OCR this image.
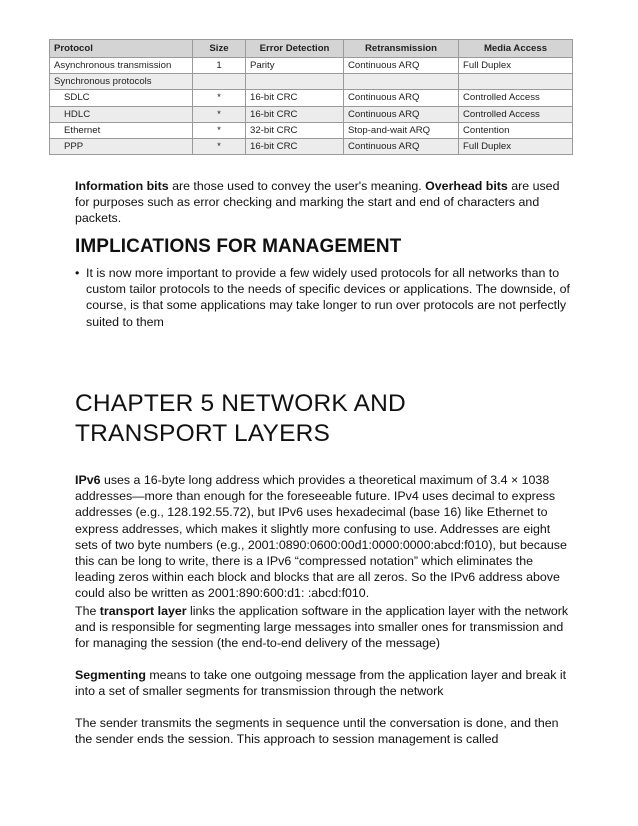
Protocol	Size	Error Detection	Retransmission	Media Access
Asynchronous transmission	1	Parity	Continuous ARQ	Full Duplex
Synchronous protocols				
SDLC	*	16-bit CRC	Continuous ARQ	Controlled Access
HDLC	*	16-bit CRC	Continuous ARQ	Controlled Access
Ethernet	*	32-bit CRC	Stop-and-wait ARQ	Contention
PPP	*	16-bit CRC	Continuous ARQ	Full Duplex

Information bits are those used to convey the user's meaning. Overhead bits are used for purposes such as error checking and marking the start and end of characters and packets.

IMPLICATIONS FOR MANAGEMENT

• It is now more important to provide a few widely used protocols for all networks than to custom tailor protocols to the needs of specific devices or applications. The downside, of course, is that some applications may take longer to run over protocols are not perfectly suited to them

CHAPTER 5 NETWORK AND TRANSPORT LAYERS

IPv6 uses a 16-byte long address which provides a theoretical maximum of 3.4 × 1038 addresses—more than enough for the foreseeable future. IPv4 uses decimal to express addresses (e.g., 128.192.55.72), but IPv6 uses hexadecimal (base 16) like Ethernet to express addresses, which makes it slightly more confusing to use. Addresses are eight sets of two byte numbers (e.g., 2001:0890:0600:00d1:0000:0000:abcd:f010), but because this can be long to write, there is a IPv6 “compressed notation” which eliminates the leading zeros within each block and blocks that are all zeros. So the IPv6 address above could also be written as 2001:890:600:d1: :abcd:f010.

The transport layer links the application software in the application layer with the network and is responsible for segmenting large messages into smaller ones for transmission and for managing the session (the end-to-end delivery of the message)

Segmenting means to take one outgoing message from the application layer and break it into a set of smaller segments for transmission through the network

The sender transmits the segments in sequence until the conversation is done, and then the sender ends the session. This approach to session management is called
